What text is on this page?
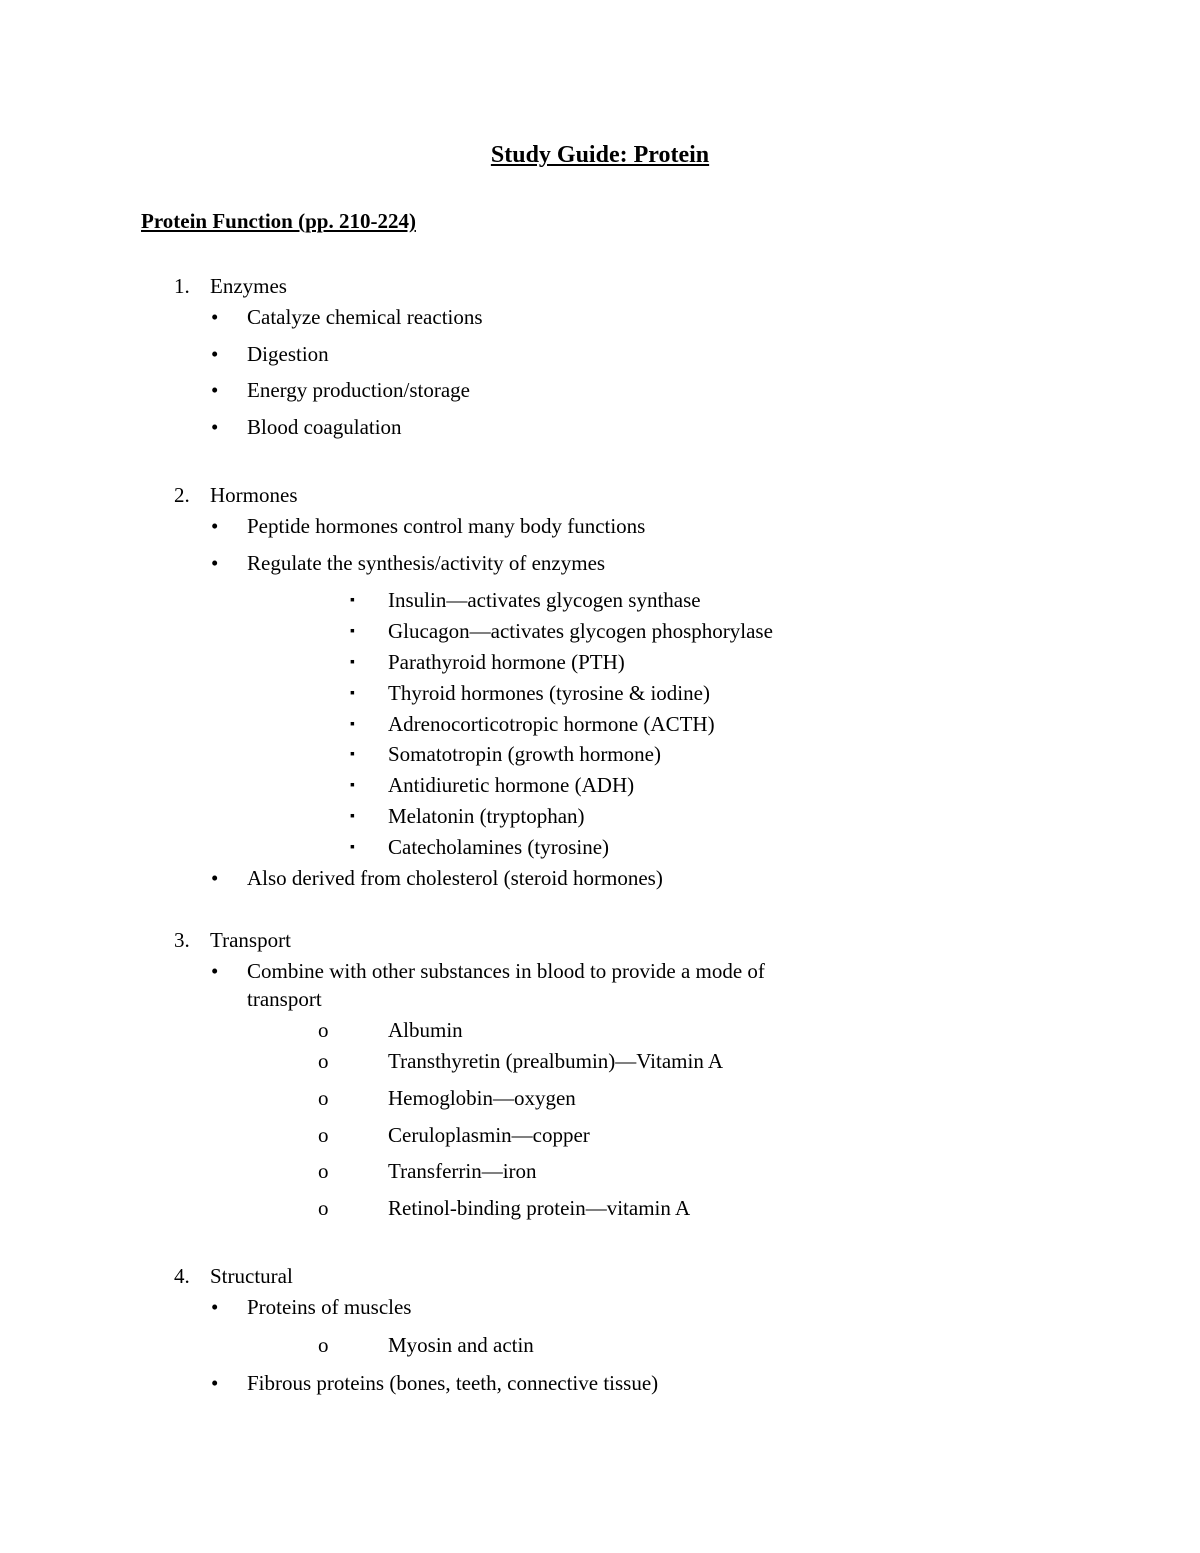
Study Guide: Protein
Protein Function (pp. 210-224)
1. Enzymes
• Catalyze chemical reactions
• Digestion
• Energy production/storage
• Blood coagulation
2. Hormones
• Peptide hormones control many body functions
• Regulate the synthesis/activity of enzymes
▪ Insulin—activates glycogen synthase
▪ Glucagon—activates glycogen phosphorylase
▪ Parathyroid hormone (PTH)
▪ Thyroid hormones (tyrosine & iodine)
▪ Adrenocorticotropic hormone (ACTH)
▪ Somatotropin (growth hormone)
▪ Antidiuretic hormone (ADH)
▪ Melatonin (tryptophan)
▪ Catecholamines (tyrosine)
• Also derived from cholesterol (steroid hormones)
3. Transport
• Combine with other substances in blood to provide a mode of
transport
o	Albumin
o	Transthyretin (prealbumin)—Vitamin A
o	Hemoglobin—oxygen
o	Ceruloplasmin—copper
o	Transferrin—iron
o	Retinol-binding protein—vitamin A
4. Structural
• Proteins of muscles
o	Myosin and actin
• Fibrous proteins (bones, teeth, connective tissue)
